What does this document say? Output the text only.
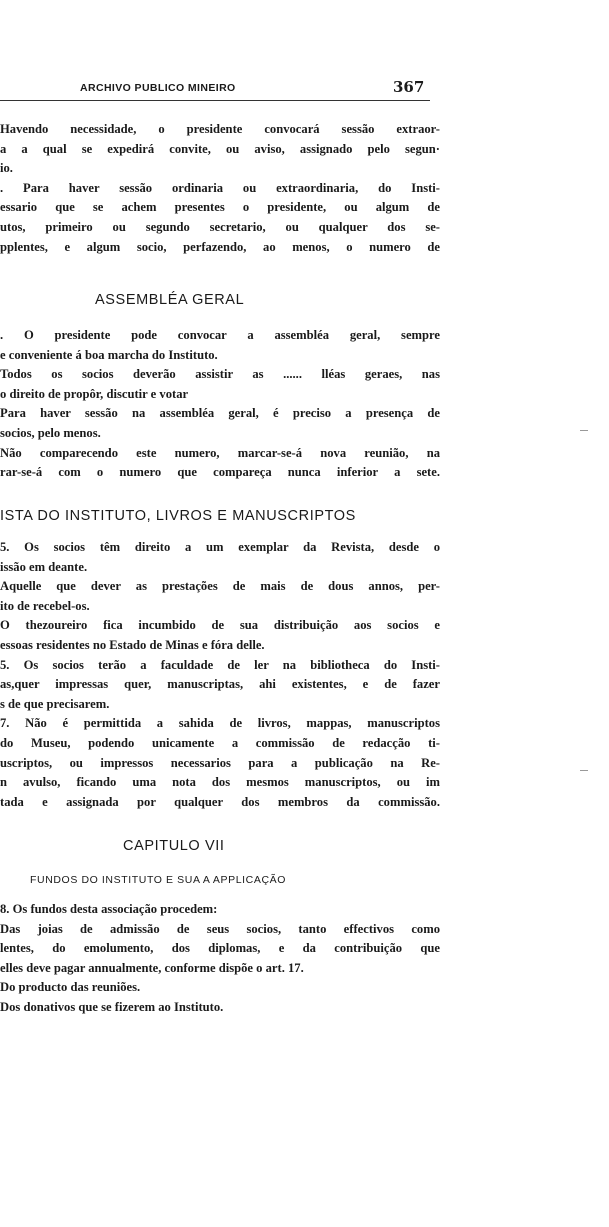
ARCHIVO PUBLICO MINEIRO	367
Havendo necessidade, o presidente convocará sessão extraor-
a a qual se expedirá convite, ou aviso, assignado pelo segun·
io.
. Para haver sessão ordinaria ou extraordinaria, do Insti-
essario que se achem presentes o presidente, ou algum de
utos, primeiro ou segundo secretario, ou qualquer dos se-
pplentes, e algum socio, perfazendo, ao menos, o numero de
ASSEMBLÉA GERAL
. O presidente pode convocar a assembléa geral, sempre
e conveniente á boa marcha do Instituto.
Todos os socios deverão assistir as ...... lléas geraes, nas
o direito de propôr, discutir e votar
Para haver sessão na assembléa geral, é preciso a presença de
socios, pelo menos.
Não comparecendo este numero, marcar-se-á nova reunião, na
rar-se-á com o numero que compareça nunca inferior a sete.
ISTA DO INSTITUTO, LIVROS E MANUSCRIPTOS
5. Os socios têm direito a um exemplar da Revista, desde o
issão em deante.
Aquelle que dever as prestações de mais de dous annos, per-
ito de recebel-os.
O thezoureiro fica incumbido de sua distribuição aos socios e
essoas residentes no Estado de Minas e fóra delle.
5. Os socios terão a faculdade de ler na bibliotheca do Insti-
as,quer impressas quer, manuscriptas, ahi existentes, e de fazer
s de que precisarem.
7. Não é permittida a sahida de livros, mappas, manuscriptos
do Museu, podendo unicamente a commissão de redacção ti-
uscriptos, ou impressos necessarios para a publicação na Re-
n avulso, ficando uma nota dos mesmos manuscriptos, ou im
tada e assignada por qualquer dos membros da commissão.
CAPITULO VII
FUNDOS DO INSTITUTO E SUA A APPLICAÇÃO
8. Os fundos desta associação procedem:
Das joias de admissão de seus socios, tanto effectivos como
lentes, do emolumento, dos diplomas, e da contribuição que
elles deve pagar annualmente, conforme dispõe o art. 17.
Do producto das reuniões.
Dos donativos que se fizerem ao Instituto.
